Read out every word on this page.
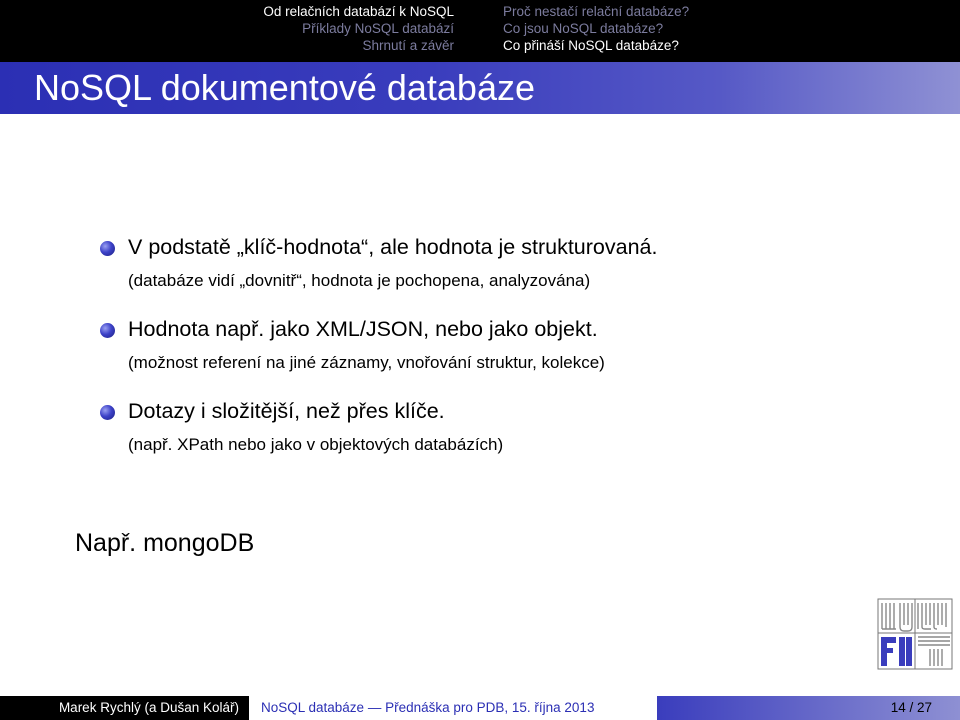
Od relačních databází k NoSQL
Příklady NoSQL databází
Shrnutí a závěr
Proč nestačí relační databáze?
Co jsou NoSQL databáze?
Co přináší NoSQL databáze?
NoSQL dokumentové databáze
V podstatě „klíč-hodnota“, ale hodnota je strukturovaná.
(databáze vidí „dovnitř“, hodnota je pochopena, analyzována)
Hodnota např. jako XML/JSON, nebo jako objekt.
(možnost referení na jiné záznamy, vnořování struktur, kolekce)
Dotazy i složitější, než přes klíče.
(např. XPath nebo jako v objektových databázích)
Např. mongoDB
Marek Rychlý (a Dušan Kolář) NoSQL databáze — Přednáška pro PDB, 15. října 2013	14 / 27
